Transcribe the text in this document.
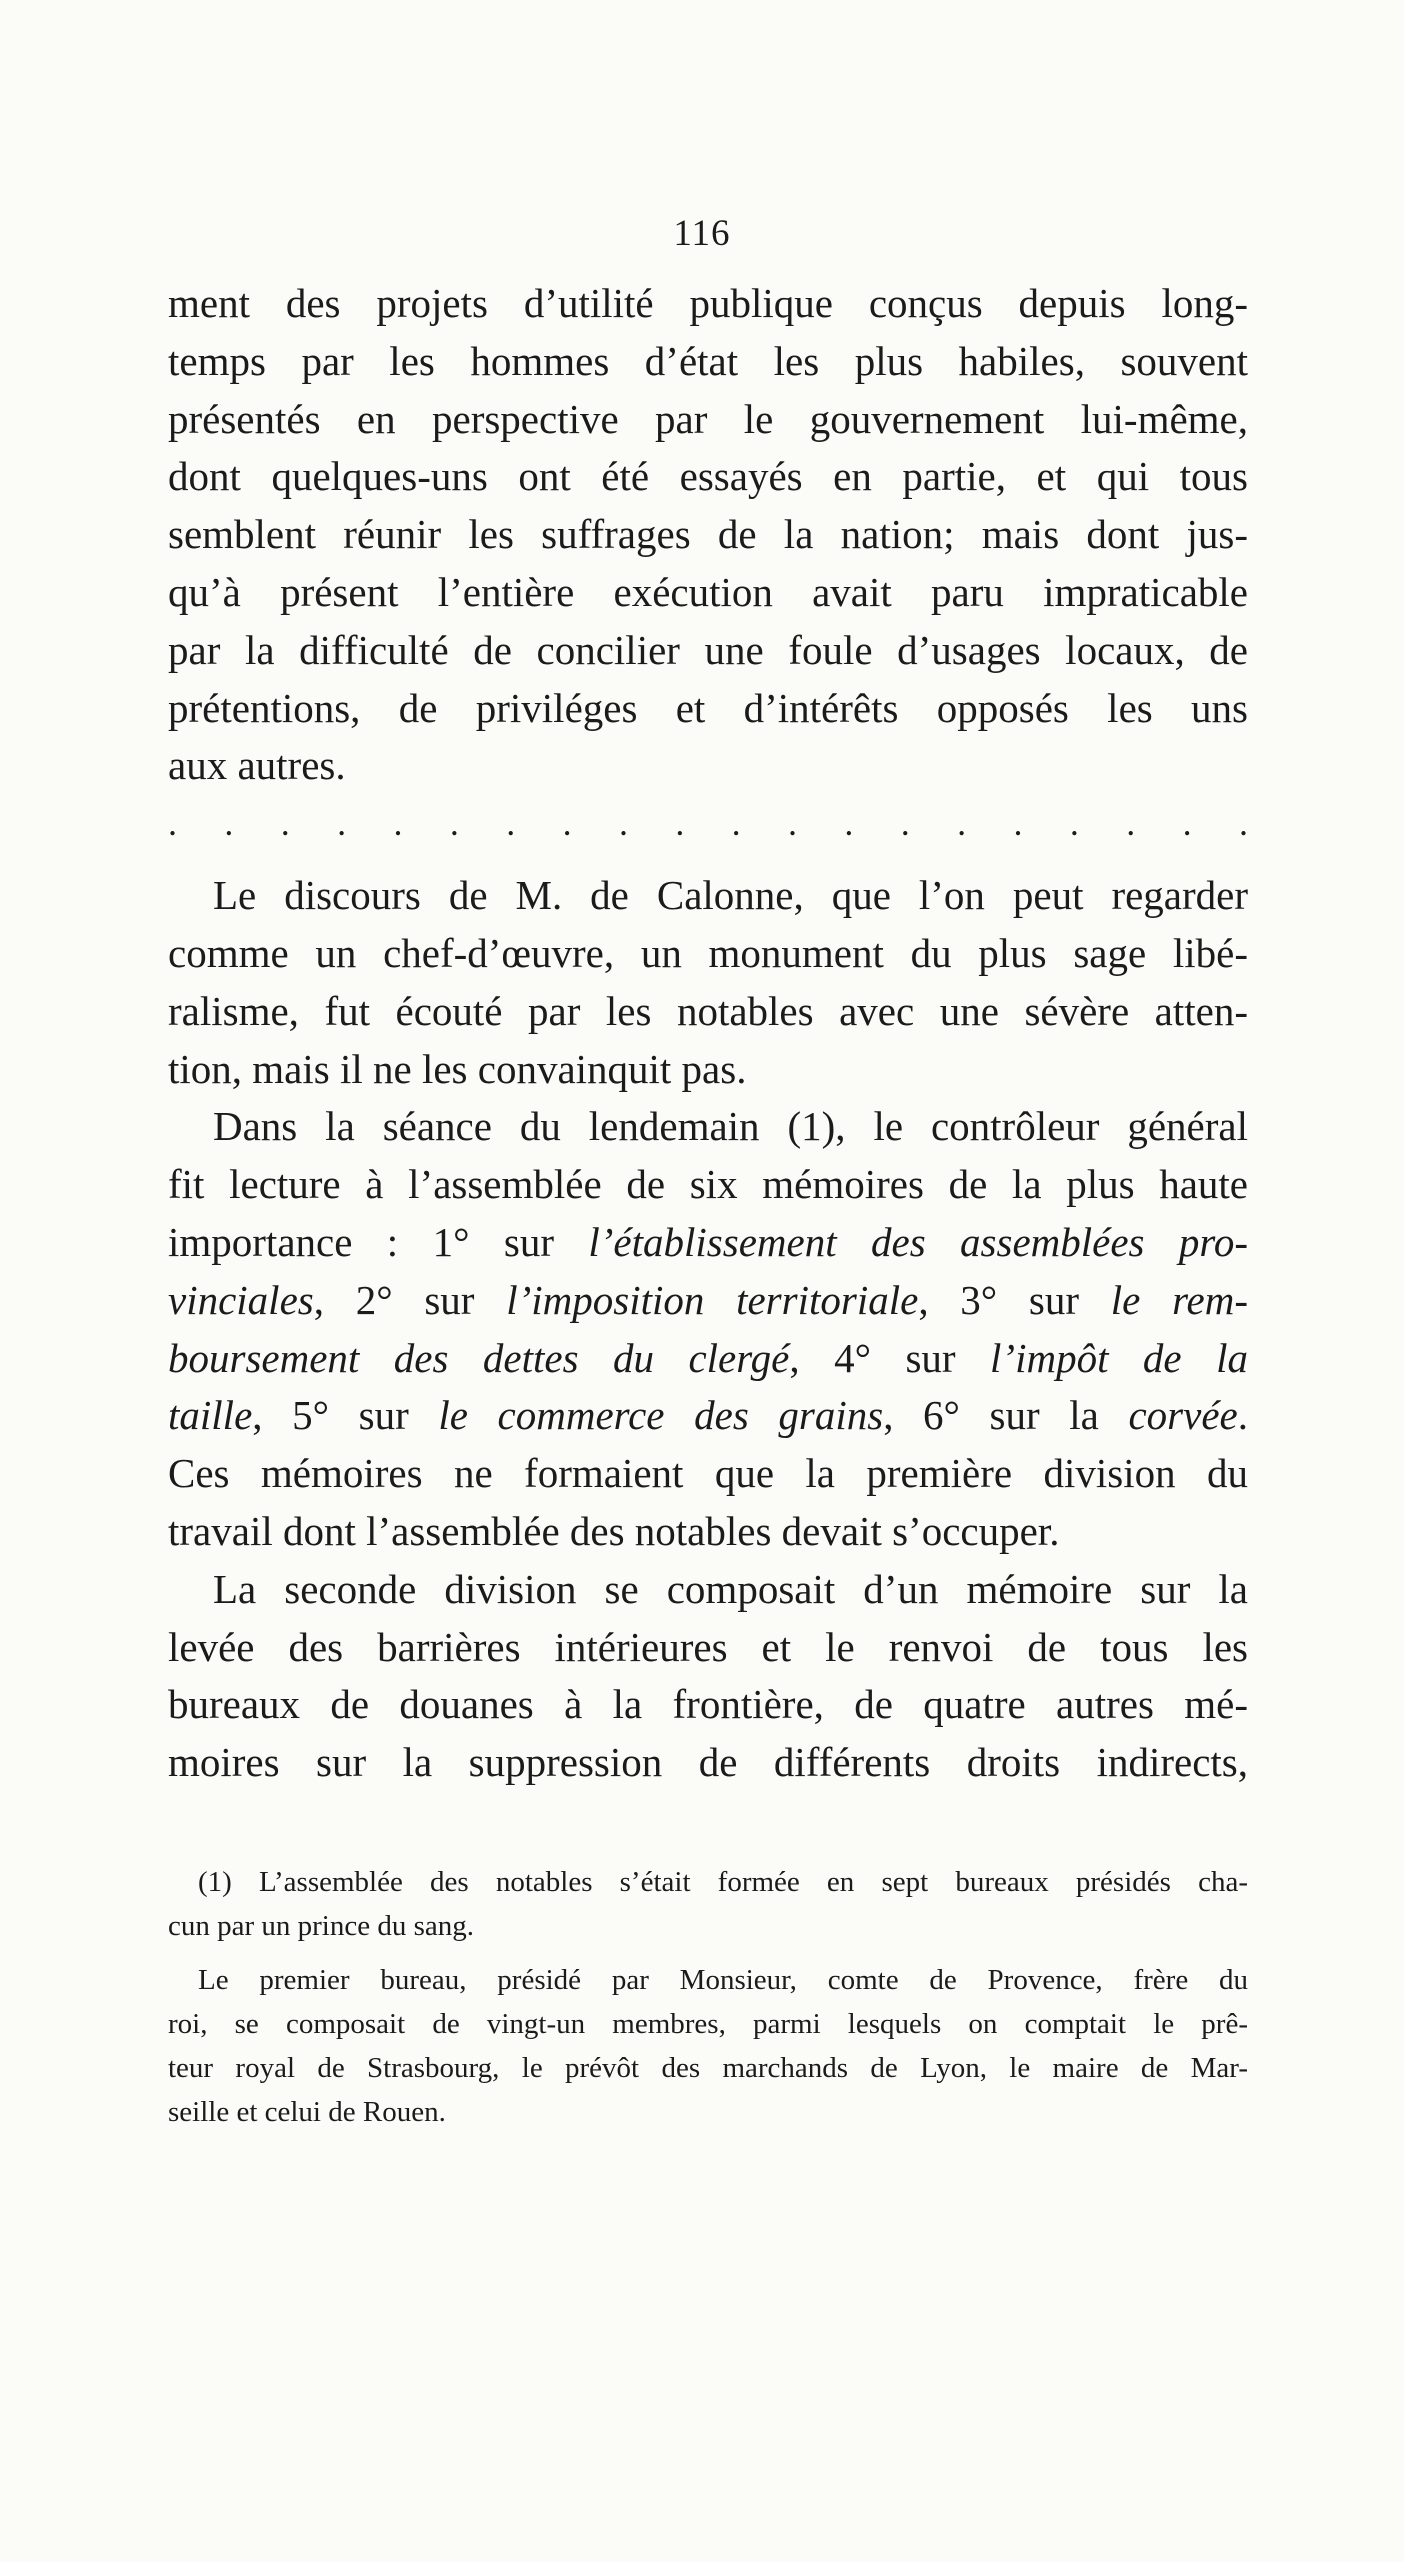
116
ment des projets d’utilité publique conçus depuis long-
temps par les hommes d’état les plus habiles, souvent
présentés en perspective par le gouvernement lui-même,
dont quelques-uns ont été essayés en partie, et qui tous
semblent réunir les suffrages de la nation; mais dont jus-
qu’à présent l’entière exécution avait paru impraticable
par la difficulté de concilier une foule d’usages locaux, de
prétentions, de priviléges et d’intérêts opposés les uns
aux autres.
. . . . . . . . . . . . . . . . . . . .
Le discours de M. de Calonne, que l’on peut regarder
comme un chef-d’œuvre, un monument du plus sage libé-
ralisme, fut écouté par les notables avec une sévère atten-
tion, mais il ne les convainquit pas.
Dans la séance du lendemain (1), le contrôleur général
fit lecture à l’assemblée de six mémoires de la plus haute
importance : 1° sur l’établissement des assemblées pro-
vinciales, 2° sur l’imposition territoriale, 3° sur le rem-
boursement des dettes du clergé, 4° sur l’impôt de la
taille, 5° sur le commerce des grains, 6° sur la corvée.
Ces mémoires ne formaient que la première division du
travail dont l’assemblée des notables devait s’occuper.
La seconde division se composait d’un mémoire sur la
levée des barrières intérieures et le renvoi de tous les
bureaux de douanes à la frontière, de quatre autres mé-
moires sur la suppression de différents droits indirects,
(1) L’assemblée des notables s’était formée en sept bureaux présidés cha-
cun par un prince du sang.
Le premier bureau, présidé par Monsieur, comte de Provence, frère du
roi, se composait de vingt-un membres, parmi lesquels on comptait le prê-
teur royal de Strasbourg, le prévôt des marchands de Lyon, le maire de Mar-
seille et celui de Rouen.
